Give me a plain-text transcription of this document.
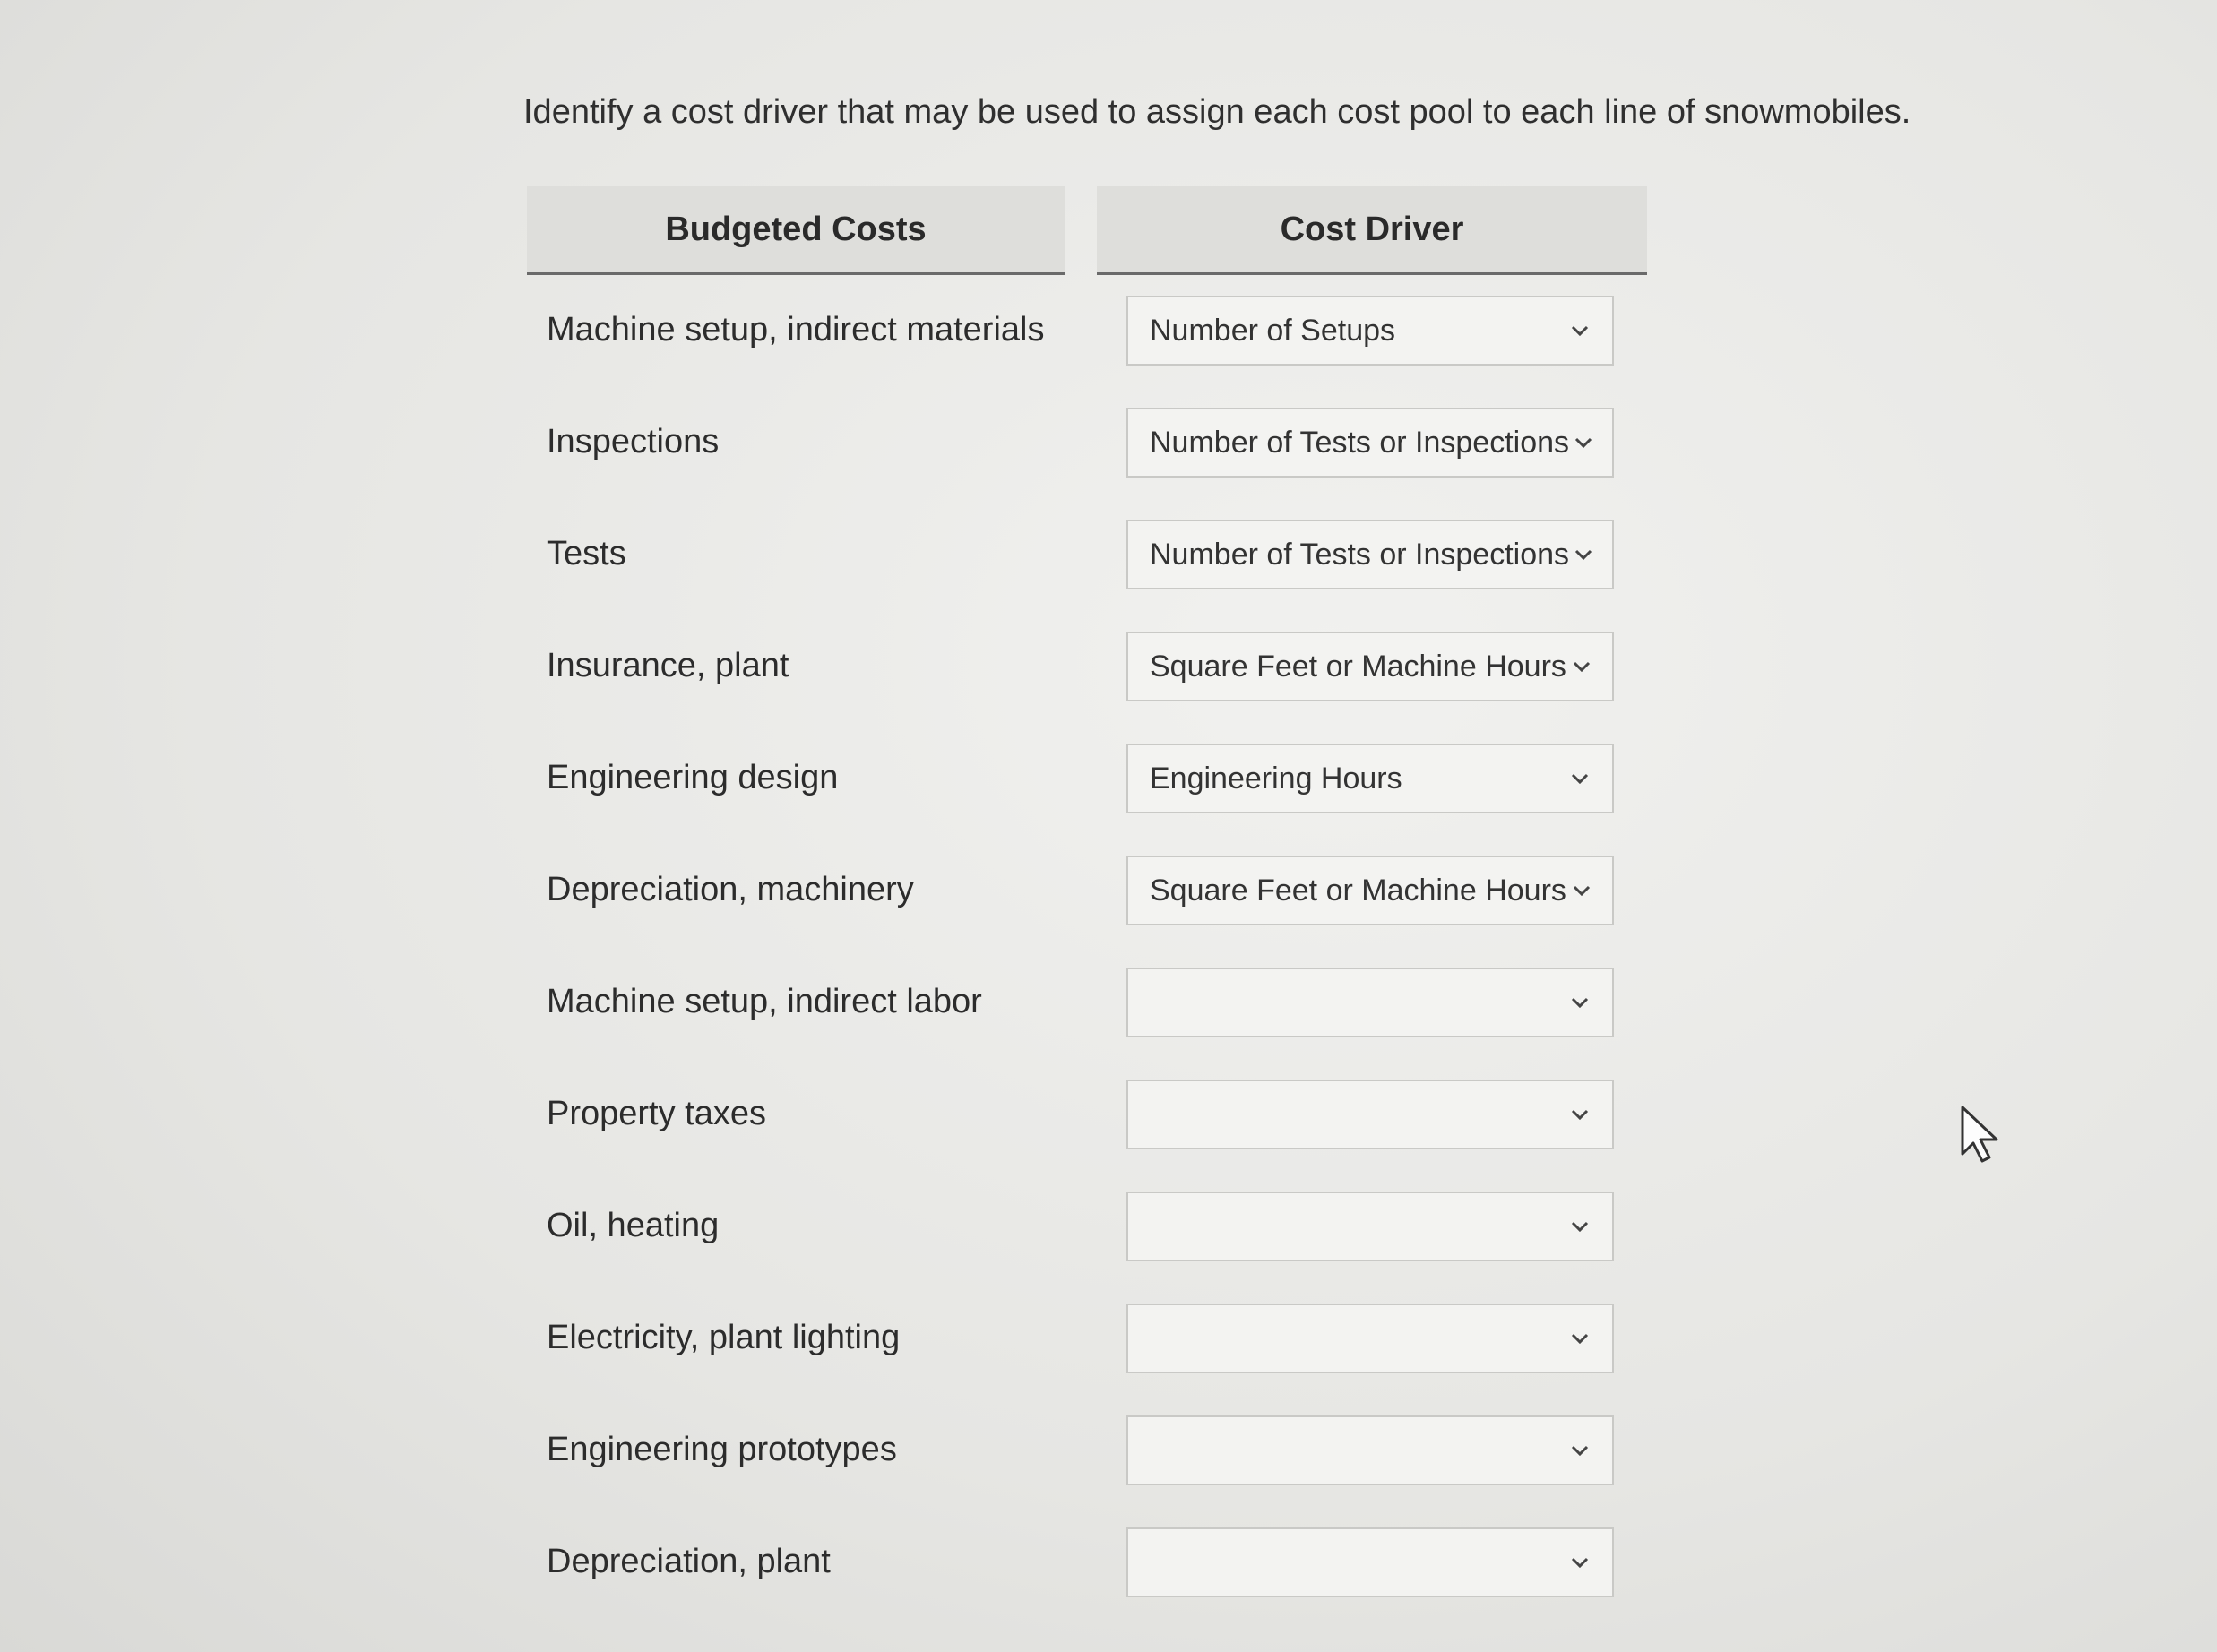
Identify a cost driver that may be used to assign each cost pool to each line of snowmobiles.
Budgeted Costs	Cost Driver
Machine setup, indirect materials	Number of Setups
Inspections	Number of Tests or Inspections
Tests	Number of Tests or Inspections
Insurance, plant	Square Feet or Machine Hours
Engineering design	Engineering Hours
Depreciation, machinery	Square Feet or Machine Hours
Machine setup, indirect labor
Property taxes
Oil, heating
Electricity, plant lighting
Engineering prototypes
Depreciation, plant
